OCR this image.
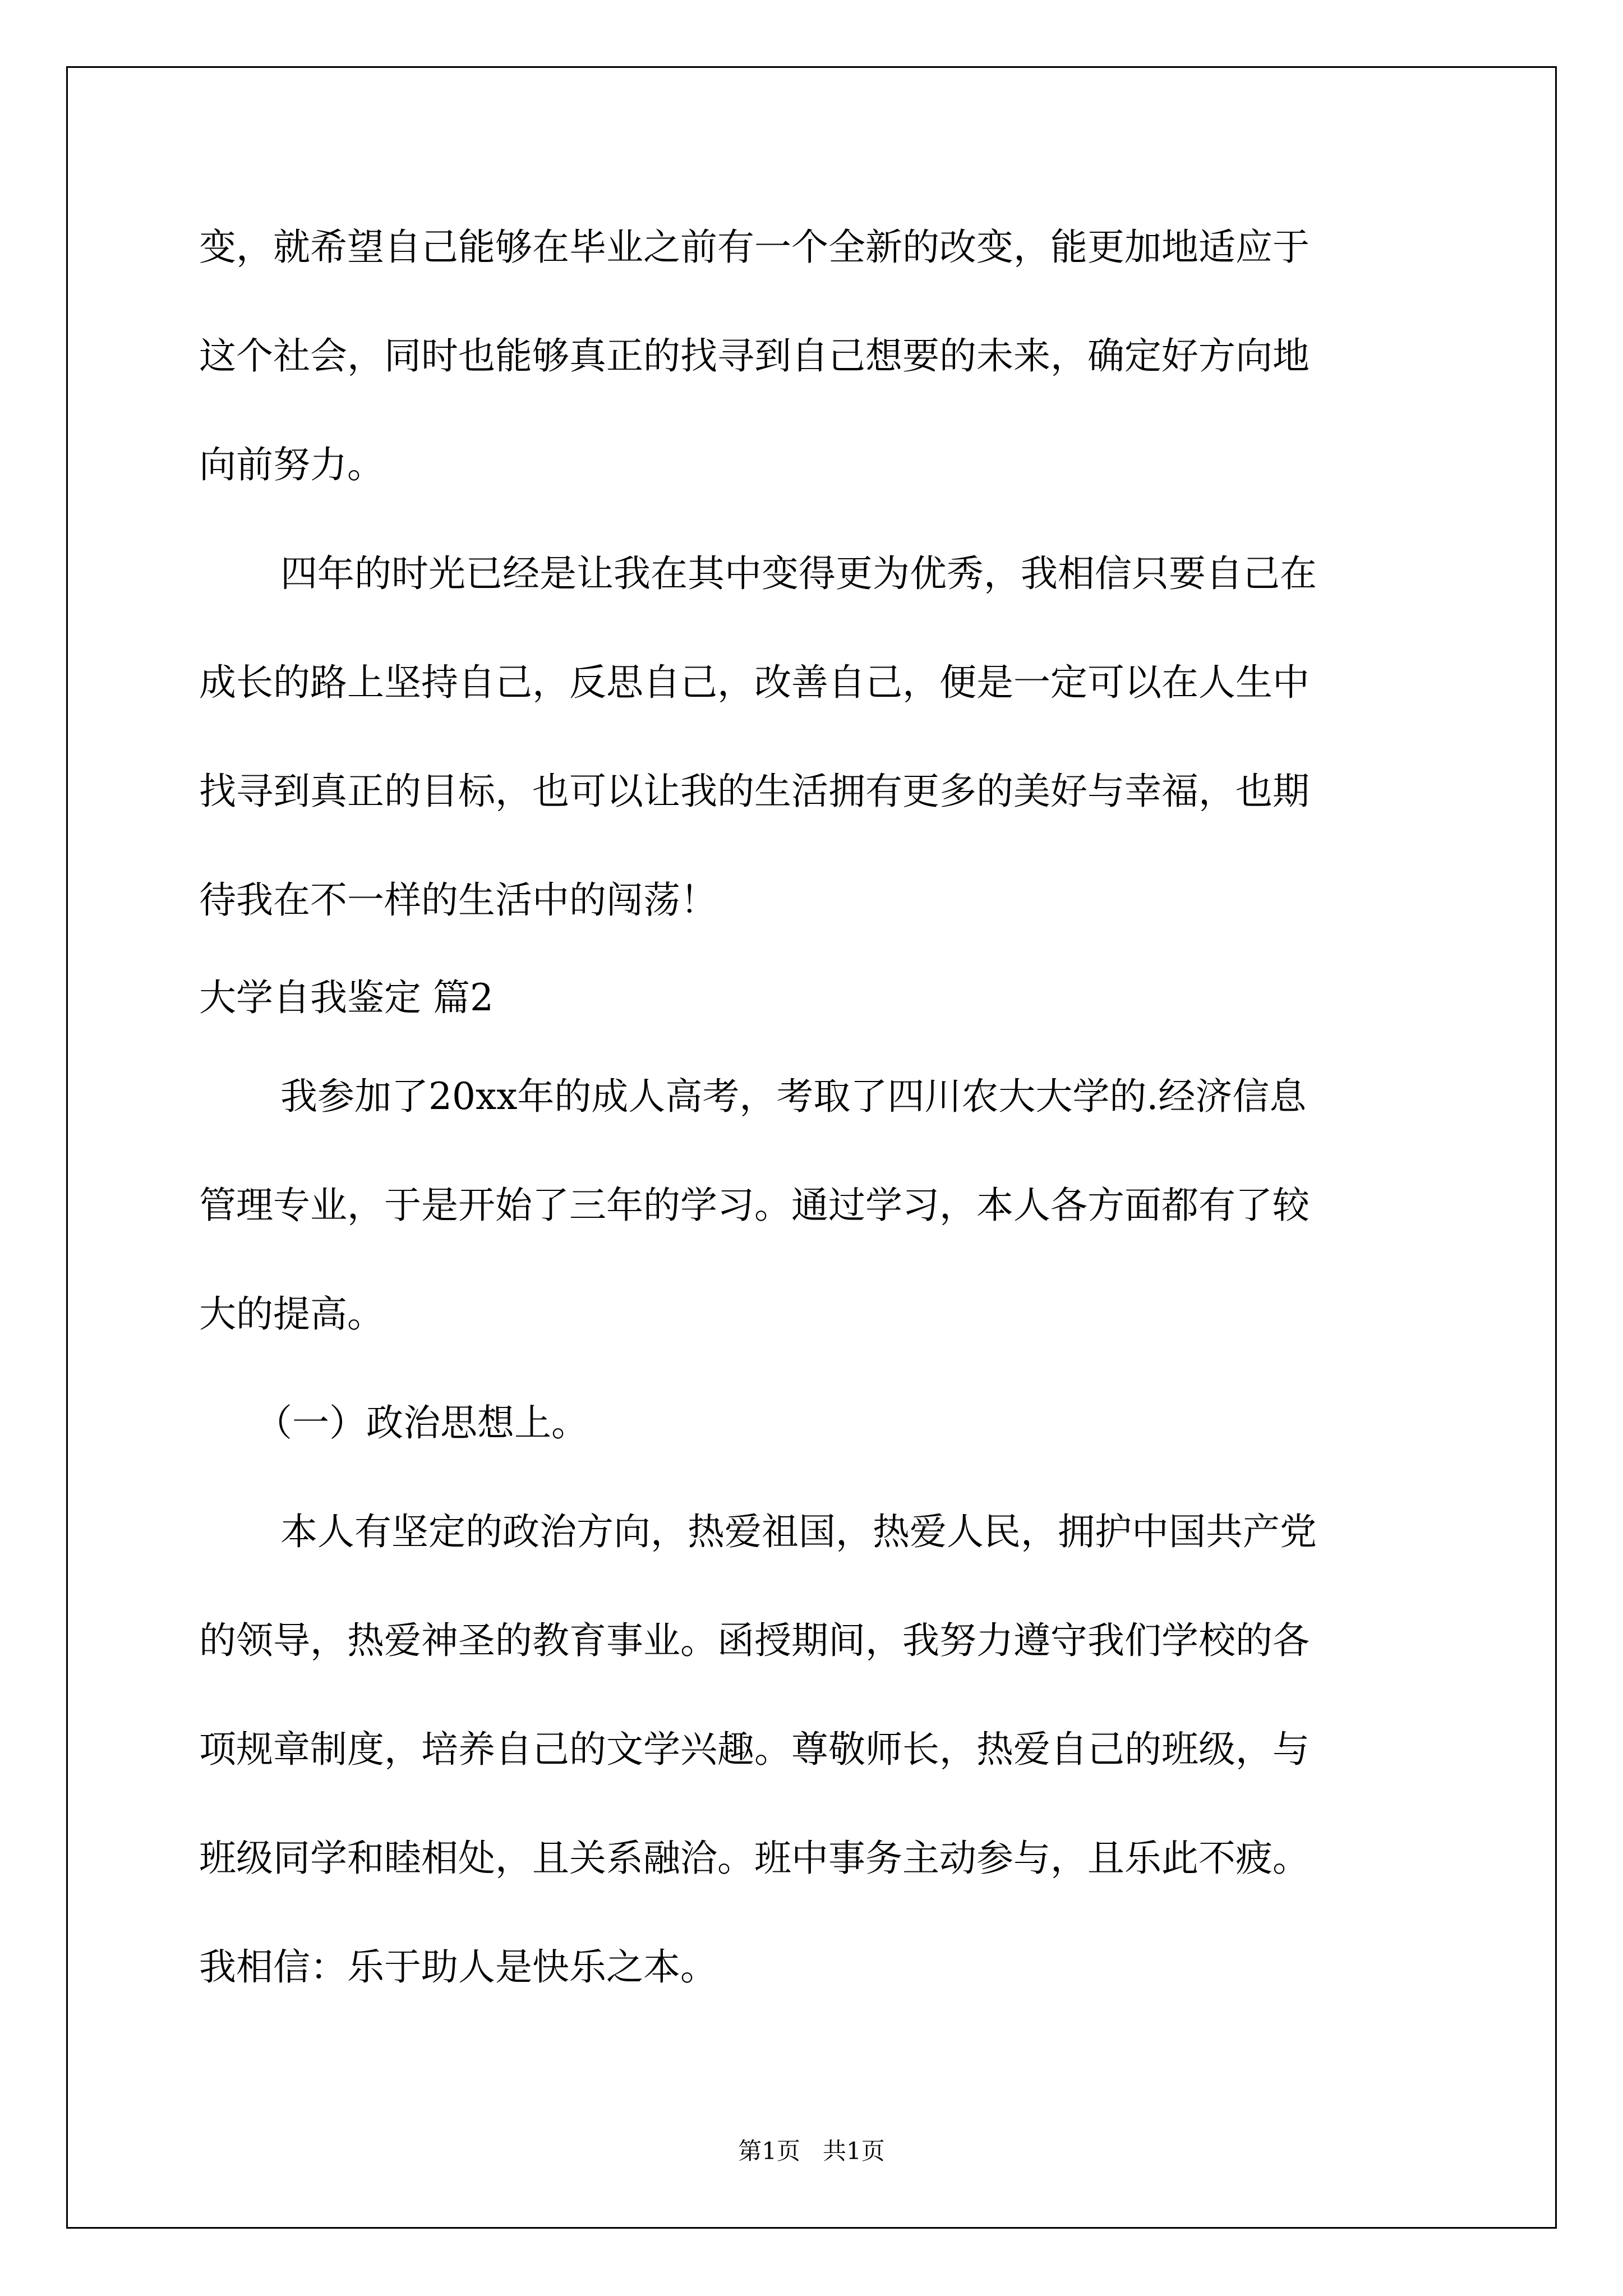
变，就希望自己能够在毕业之前有一个全新的改变，能更加地适应于
这个社会，同时也能够真正的找寻到自己想要的未来，确定好方向地
向前努力。
四年的时光已经是让我在其中变得更为优秀，我相信只要自己在
成长的路上坚持自己，反思自己，改善自己，便是一定可以在人生中
找寻到真正的目标，也可以让我的生活拥有更多的美好与幸福，也期
待我在不一样的生活中的闯荡！
大学自我鉴定 篇2
我参加了20xx年的成人高考，考取了四川农大大学的.经济信息
管理专业，于是开始了三年的学习。通过学习，本人各方面都有了较
大的提高。
（一）政治思想上。
本人有坚定的政治方向，热爱祖国，热爱人民，拥护中国共产党
的领导，热爱神圣的教育事业。函授期间，我努力遵守我们学校的各
项规章制度，培养自己的文学兴趣。尊敬师长，热爱自己的班级，与
班级同学和睦相处，且关系融洽。班中事务主动参与，且乐此不疲。
我相信：乐于助人是快乐之本。
第1页 共1页
